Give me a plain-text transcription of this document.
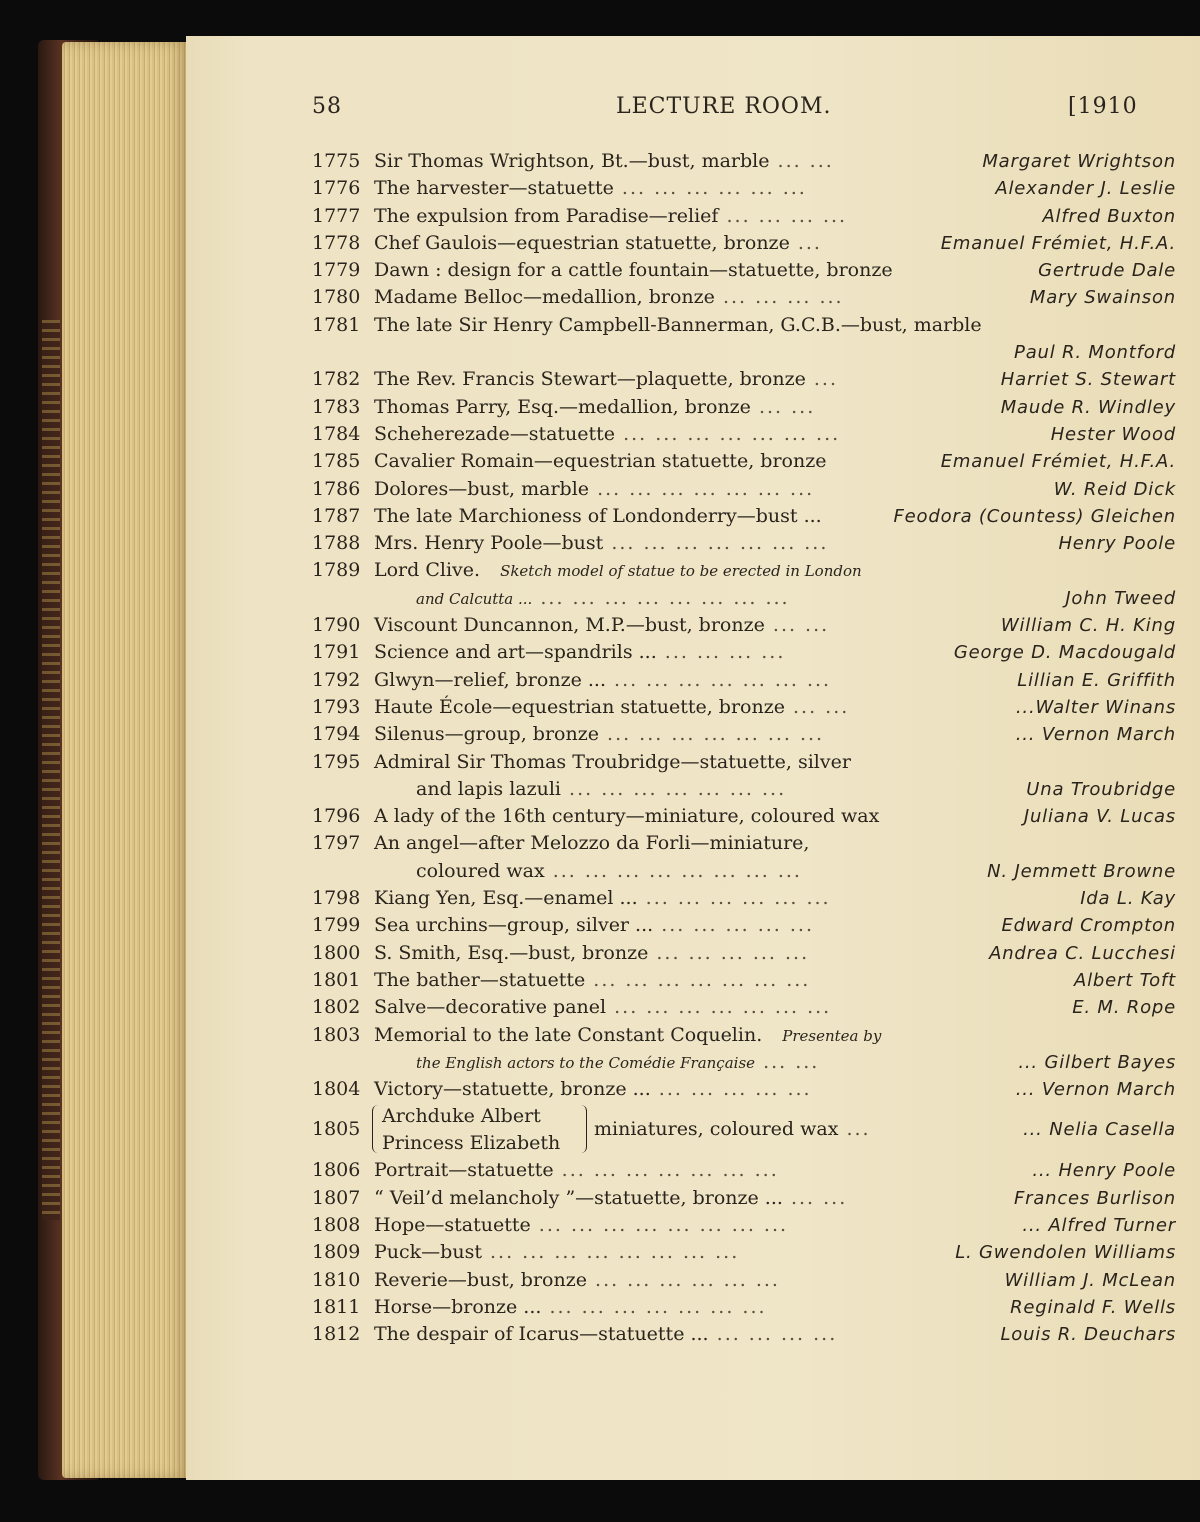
58	LECTURE ROOM.	[1910
1775 Sir Thomas Wrightson, Bt.—bust, marble ... ...	Margaret Wrightson
1776 The harvester—statuette ... ... ... ... ... ...	Alexander J. Leslie
1777 The expulsion from Paradise—relief ... ... ... ...	Alfred Buxton
1778 Chef Gaulois—equestrian statuette, bronze ...	Emanuel Frémiet, H.F.A.
1779 Dawn : design for a cattle fountain—statuette, bronze	Gertrude Dale
1780 Madame Belloc—medallion, bronze ... ... ... ...	Mary Swainson
1781 The late Sir Henry Campbell-Bannerman, G.C.B.—bust, marble
Paul R. Montford
1782 The Rev. Francis Stewart—plaquette, bronze ...	Harriet S. Stewart
1783 Thomas Parry, Esq.—medallion, bronze ... ...	Maude R. Windley
1784 Scheherezade—statuette ... ... ... ... ... ... ...	Hester Wood
1785 Cavalier Romain—equestrian statuette, bronze	Emanuel Frémiet, H.F.A.
1786 Dolores—bust, marble ... ... ... ... ... ... ...	W. Reid Dick
1787 The late Marchioness of Londonderry—bust ...	Feodora (Countess) Gleichen
1788 Mrs. Henry Poole—bust ... ... ... ... ... ... ...	Henry Poole
1789 Lord Clive. Sketch model of statue to be erected in London
and Calcutta ... ... ... ... ... ... ... ... ...	John Tweed
1790 Viscount Duncannon, M.P.—bust, bronze ... ...	William C. H. King
1791 Science and art—spandrils ... ... ... ... ...	George D. Macdougald
1792 Glwyn—relief, bronze ... ... ... ... ... ... ... ...	Lillian E. Griffith
1793 Haute École—equestrian statuette, bronze ... ...	...Walter Winans
1794 Silenus—group, bronze ... ... ... ... ... ... ...	... Vernon March
1795 Admiral Sir Thomas Troubridge—statuette, silver
and lapis lazuli ... ... ... ... ... ... ...	Una Troubridge
1796 A lady of the 16th century—miniature, coloured wax	Juliana V. Lucas
1797 An angel—after Melozzo da Forli—miniature,
coloured wax ... ... ... ... ... ... ... ...	N. Jemmett Browne
1798 Kiang Yen, Esq.—enamel ... ... ... ... ... ... ...	Ida L. Kay
1799 Sea urchins—group, silver ... ... ... ... ... ...	Edward Crompton
1800 S. Smith, Esq.—bust, bronze ... ... ... ... ...	Andrea C. Lucchesi
1801 The bather—statuette ... ... ... ... ... ... ...	Albert Toft
1802 Salve—decorative panel ... ... ... ... ... ... ...	E. M. Rope
1803 Memorial to the late Constant Coquelin. Presentea by
the English actors to the Comédie Française ... ...	... Gilbert Bayes
1804 Victory—statuette, bronze ... ... ... ... ... ...	... Vernon March
1805
Archduke Albert
Princess Elizabeth
miniatures, coloured wax ...	... Nelia Casella
1806 Portrait—statuette ... ... ... ... ... ... ...	... Henry Poole
1807 “ Veil’d melancholy ”—statuette, bronze ... ... ...	Frances Burlison
1808 Hope—statuette ... ... ... ... ... ... ... ...	... Alfred Turner
1809 Puck—bust ... ... ... ... ... ... ... ...	L. Gwendolen Williams
1810 Reverie—bust, bronze ... ... ... ... ... ...	William J. McLean
1811 Horse—bronze ... ... ... ... ... ... ... ...	Reginald F. Wells
1812 The despair of Icarus—statuette ... ... ... ... ...	Louis R. Deuchars
